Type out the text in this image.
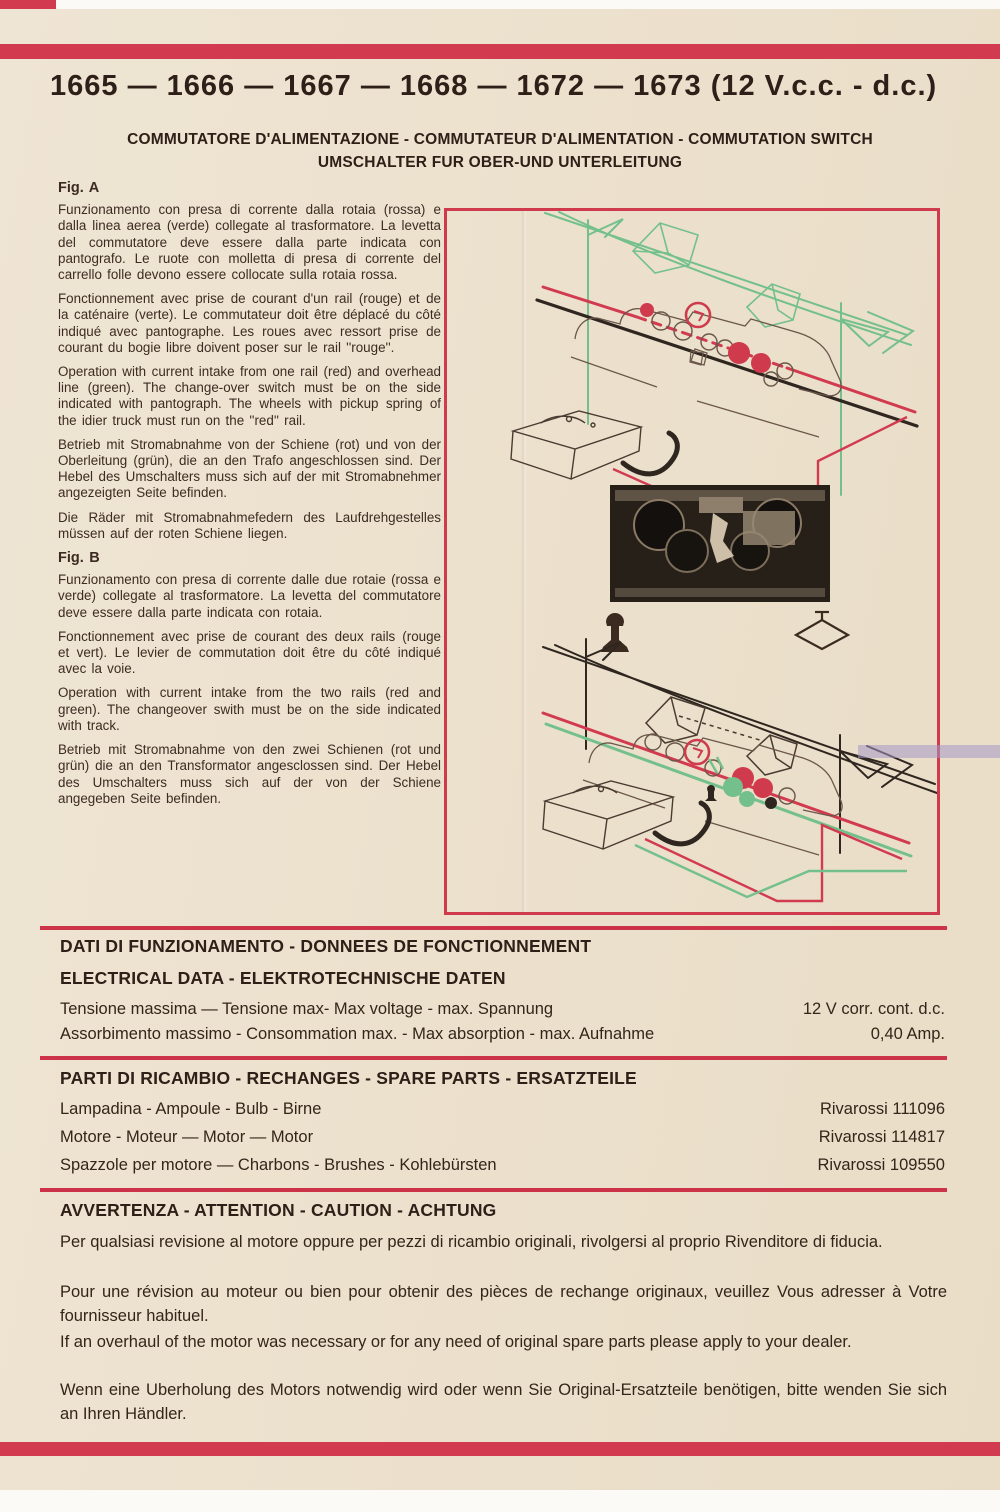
1665 — 1666 — 1667 — 1668 — 1672 — 1673 (12 V.c.c. - d.c.)
COMMUTATORE D'ALIMENTAZIONE - COMMUTATEUR D'ALIMENTATION - COMMUTATION SWITCH
UMSCHALTER FUR OBER-UND UNTERLEITUNG
Fig. A

Funzionamento con presa di corrente dalla rotaia (rossa) e dalla linea aerea (verde) collegate al trasformatore. La levetta del commutatore deve essere dalla parte indicata con pantografo. Le ruote con molletta di presa di corrente del carrello folle devono essere collocate sulla rotaia rossa.

Fonctionnement avec prise de courant d'un rail (rouge) et de la caténaire (verte). Le commutateur doit être déplacé du côté indiqué avec pantographe. Les roues avec ressort prise de courant du bogie libre doivent poser sur le rail ''rouge''.

Operation with current intake from one rail (red) and overhead line (green). The change-over switch must be on the side indicated with pantograph. The wheels with pickup spring of the idier truck must run on the ''red'' rail.

Betrieb mit Stromabnahme von der Schiene (rot) und von der Oberleitung (grün), die an den Trafo angeschlossen sind. Der Hebel des Umschalters muss sich auf der mit Stromabnehmer angezeigten Seite befinden.

Die Räder mit Stromabnahmefedern des Laufdrehgestelles müssen auf der roten Schiene liegen.

Fig. B

Funzionamento con presa di corrente dalle due rotaie (rossa e verde) collegate al trasformatore. La levetta del commutatore deve essere dalla parte indicata con rotaia.

Fonctionnement avec prise de courant des deux rails (rouge et vert). Le levier de commutation doit être du côté indiqué avec la voie.

Operation with current intake from the two rails (red and green). The changeover swith must be on the side indicated with track.

Betrieb mit Stromabnahme von den zwei Schienen (rot und grün) die an den Transformator angesclossen sind. Der Hebel des Umschalters muss sich auf der von der Schiene angegeben Seite befinden.

DATI DI FUNZIONAMENTO - DONNEES DE FONCTIONNEMENT
ELECTRICAL DATA - ELEKTROTECHNISCHE DATEN
Tensione massima — Tensione max- Max voltage - max. Spannung	12 V corr. cont. d.c.
Assorbimento massimo - Consommation max. - Max absorption - max. Aufnahme	0,40 Amp.
PARTI DI RICAMBIO - RECHANGES - SPARE PARTS - ERSATZTEILE
Lampadina - Ampoule - Bulb - Birne	Rivarossi 111096
Motore - Moteur — Motor — Motor	Rivarossi 114817
Spazzole per motore — Charbons - Brushes - Kohlebürsten	Rivarossi 109550
AVVERTENZA - ATTENTION - CAUTION - ACHTUNG
Per qualsiasi revisione al motore oppure per pezzi di ricambio originali, rivolgersi al proprio Rivenditore di fiducia.
Pour une révision au moteur ou bien pour obtenir des pièces de rechange originaux, veuillez Vous adresser à Votre fournisseur habituel.
If an overhaul of the motor was necessary or for any need of original spare parts please apply to your dealer.
Wenn eine Uberholung des Motors notwendig wird oder wenn Sie Original-Ersatzteile benötigen, bitte wenden Sie sich an Ihren Händler.
